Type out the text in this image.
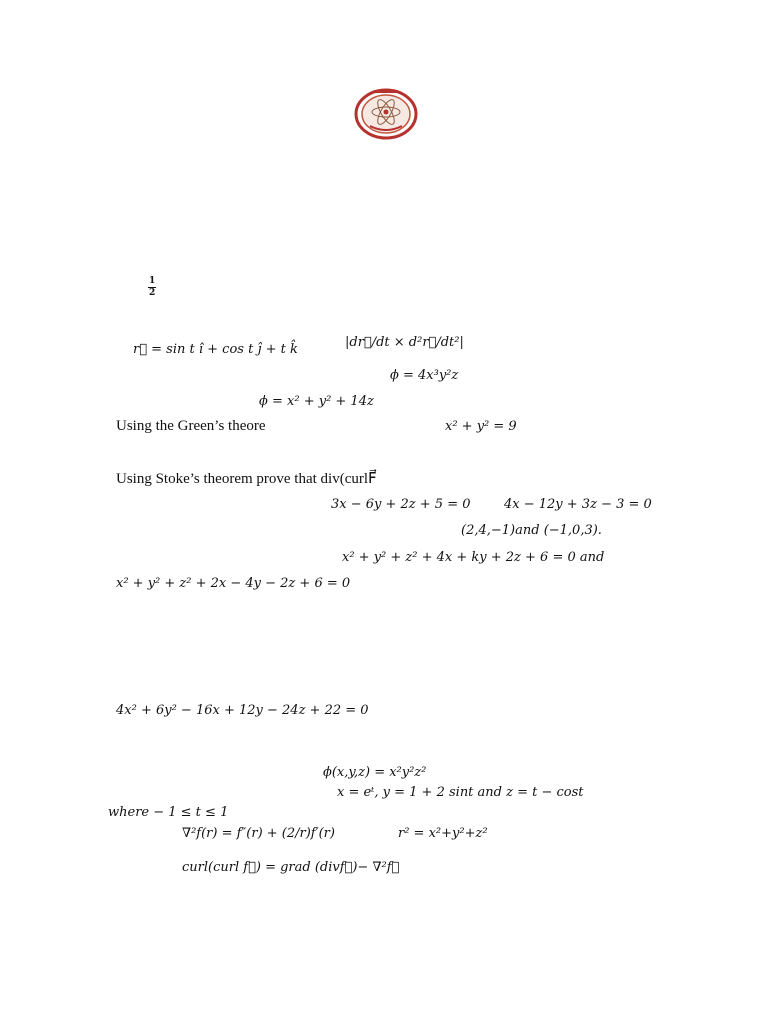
$\frac{1}{2}$
r⃗ = sin t î + cos t ĵ + t k̂	|dr⃗/dt × d²r⃗/dt²|
ϕ = 4x³y²z
ϕ = x² + y² + 14z
Using the Green’s theore	x² + y² = 9
Using Stoke’s theorem prove that div(curlF⃗
3x − 6y + 2z + 5 = 0	4x − 12y + 3z − 3 = 0
(2,4,−1)and (−1,0,3).
x² + y² + z² + 4x + ky + 2z + 6 = 0 and
x² + y² + z² + 2x − 4y − 2z + 6 = 0
4x² + 6y² − 16x + 12y − 24z + 22 = 0
ϕ(x,y,z) = x²y²z²
x = eᵗ, y = 1 + 2 sint and z = t − cost
where − 1 ≤ t ≤ 1
∇²f(r) = f″(r) + (2/r)f′(r)	r² = x²+y²+z²
curl(curl f⃗) = grad (divf⃗)− ∇²f⃗
